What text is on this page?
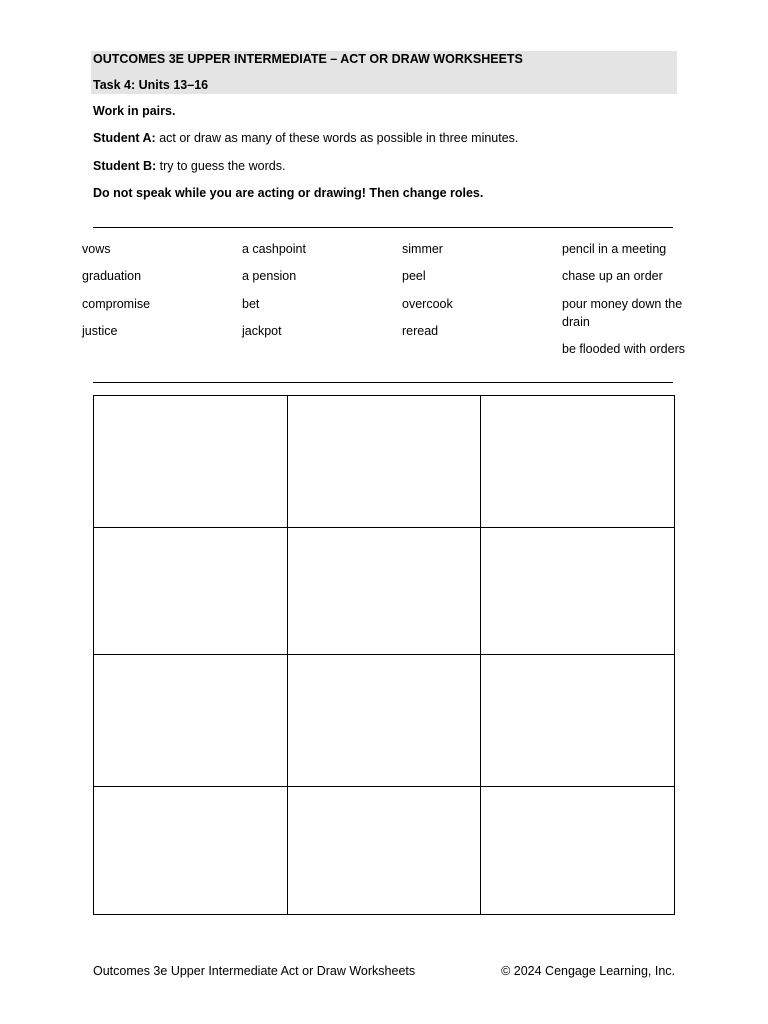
OUTCOMES 3E UPPER INTERMEDIATE – ACT OR DRAW WORKSHEETS
Task 4: Units 13–16
Work in pairs.
Student A: act or draw as many of these words as possible in three minutes.
Student B: try to guess the words.
Do not speak while you are acting or drawing! Then change roles.
vows
graduation
compromise
justice
a cashpoint
a pension
bet
jackpot
simmer
peel
overcook
reread
pencil in a meeting
chase up an order
pour money down the drain
be flooded with orders

Outcomes 3e Upper Intermediate Act or Draw Worksheets	© 2024 Cengage Learning, Inc.
